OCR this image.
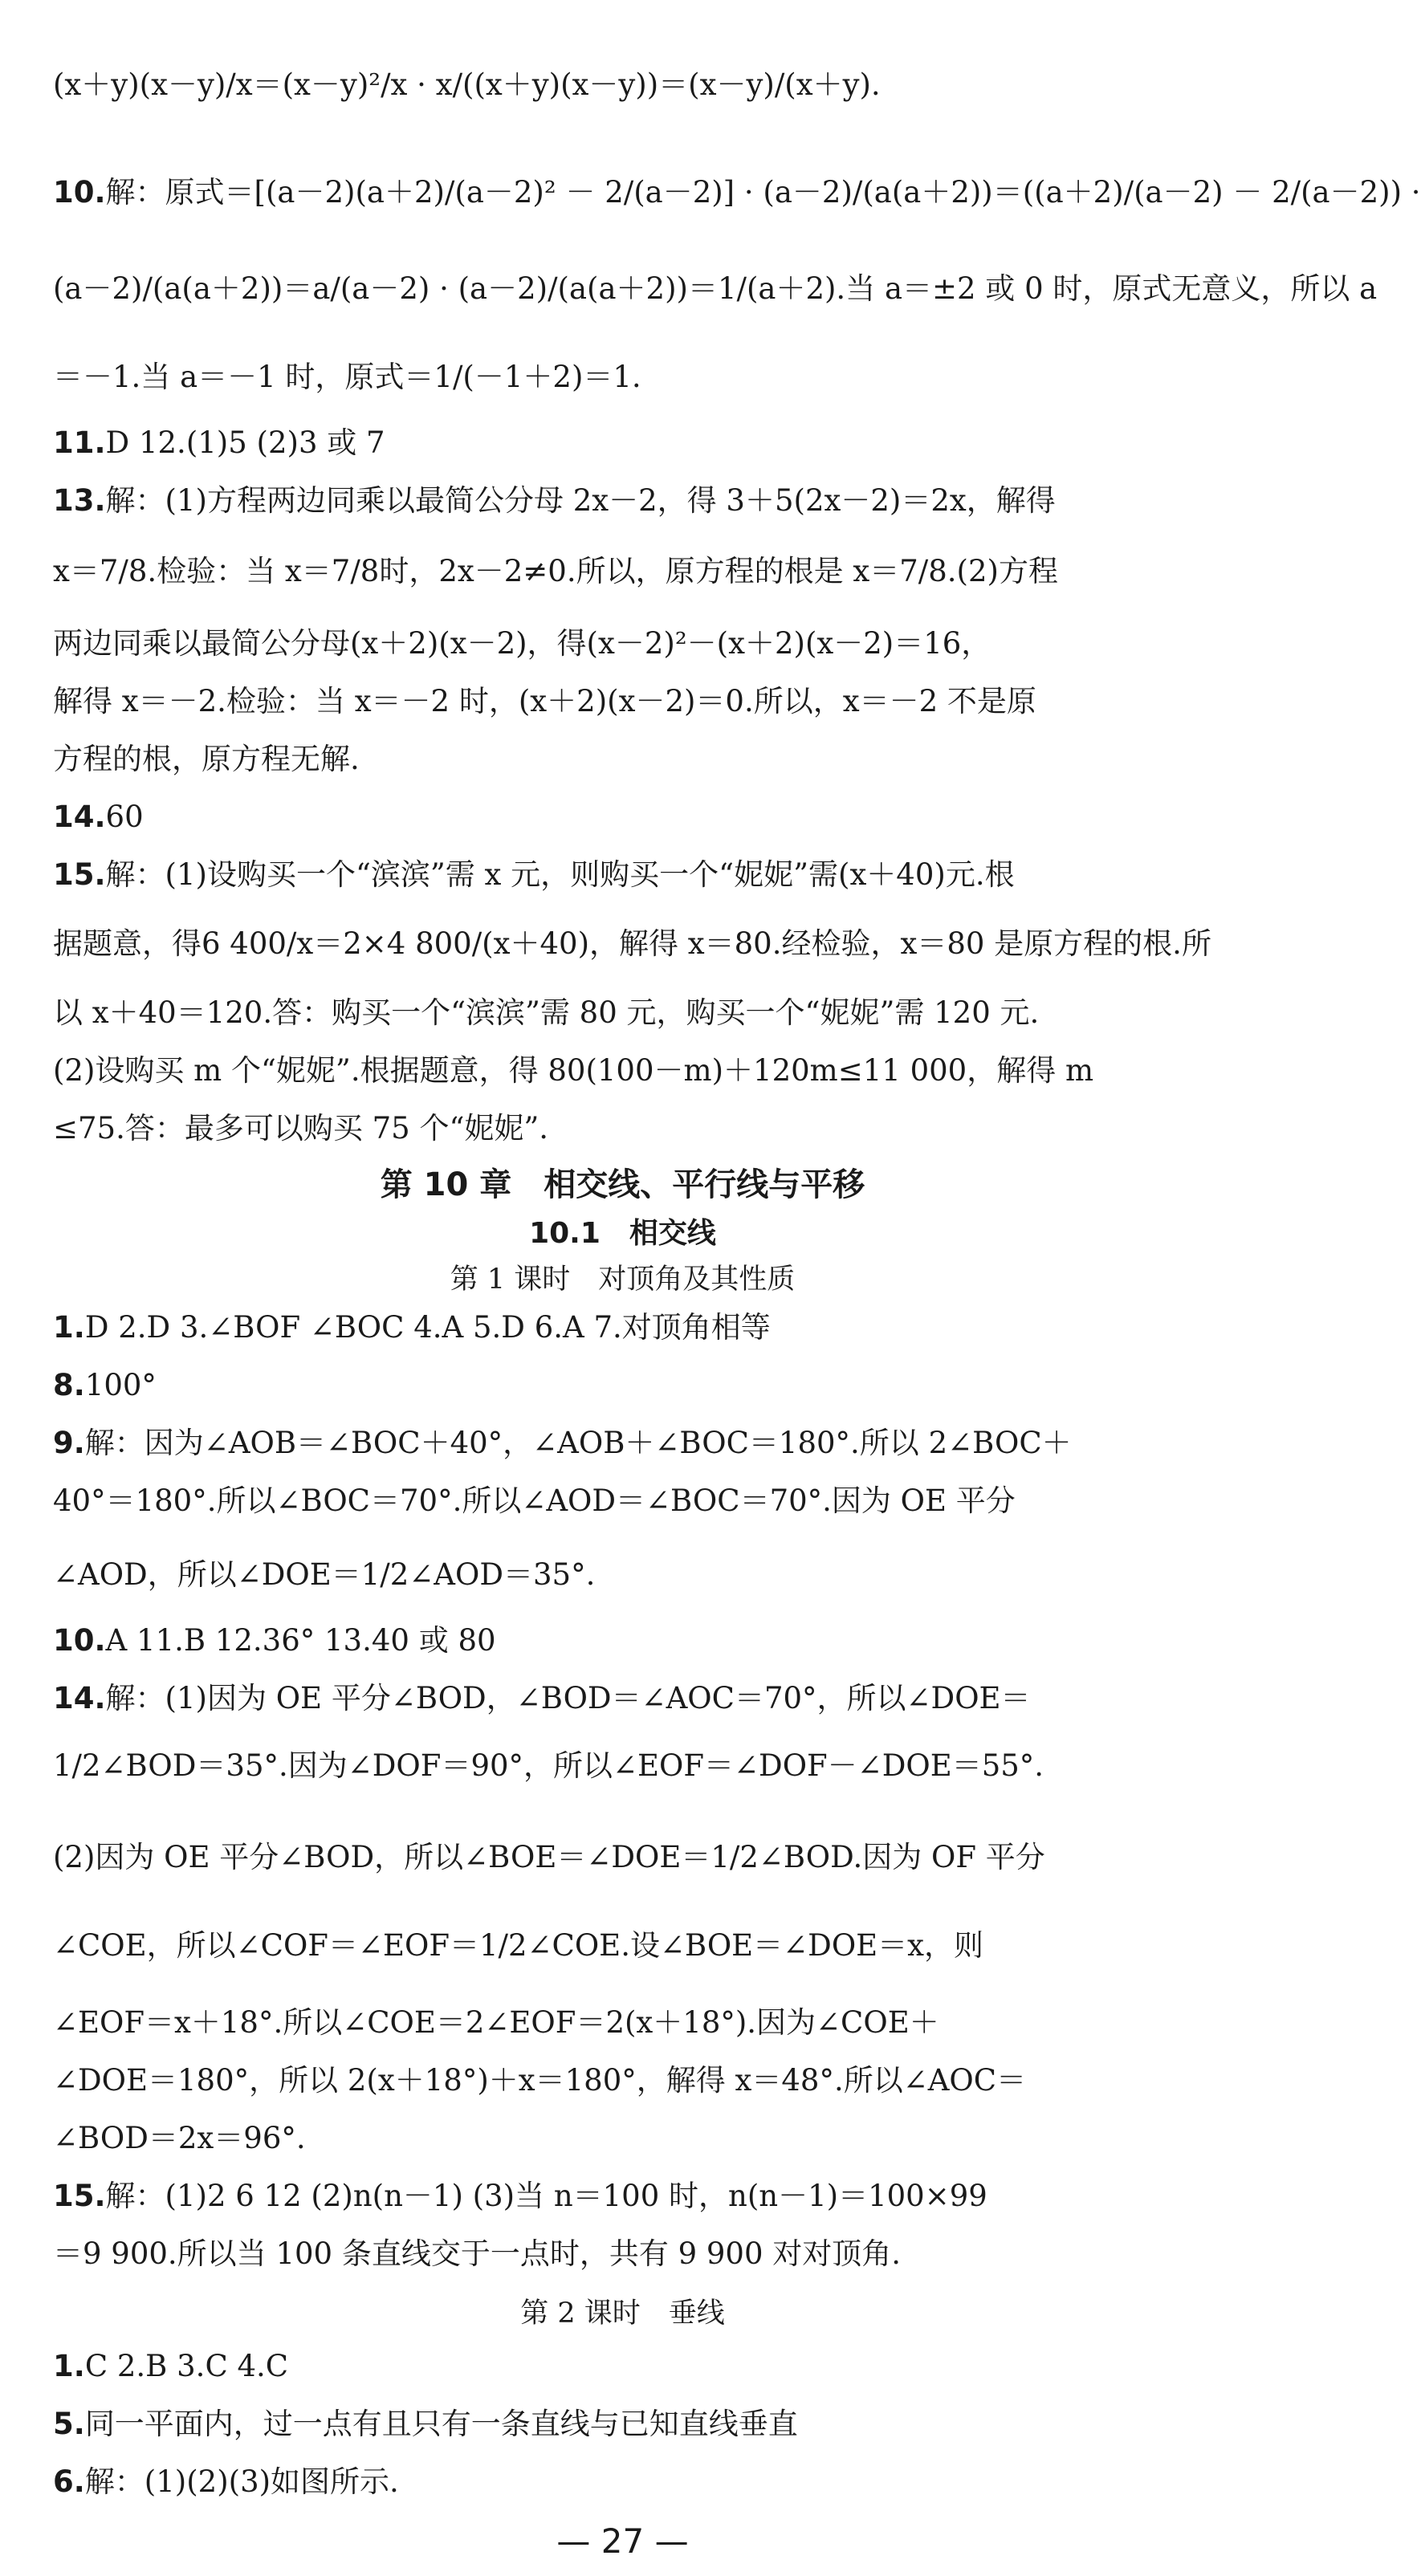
(x＋y)(x－y)/x＝(x－y)²/x · x/((x＋y)(x－y))＝(x－y)/(x＋y).
10.解：原式＝[(a－2)(a＋2)/(a－2)² － 2/(a－2)] · (a－2)/(a(a＋2))＝((a＋2)/(a－2) － 2/(a－2)) ·
(a－2)/(a(a＋2))＝a/(a－2) · (a－2)/(a(a＋2))＝1/(a＋2).当 a＝±2 或 0 时，原式无意义，所以 a
＝－1.当 a＝－1 时，原式＝1/(－1＋2)＝1.
11.D 12.(1)5 (2)3 或 7
13.解：(1)方程两边同乘以最简公分母 2x－2，得 3＋5(2x－2)＝2x，解得
x＝7/8.检验：当 x＝7/8时，2x－2≠0.所以，原方程的根是 x＝7/8.(2)方程
两边同乘以最简公分母(x＋2)(x－2)，得(x－2)²－(x＋2)(x－2)＝16，
解得 x＝－2.检验：当 x＝－2 时，(x＋2)(x－2)＝0.所以，x＝－2 不是原
方程的根，原方程无解.
14.60
15.解：(1)设购买一个“滨滨”需 x 元，则购买一个“妮妮”需(x＋40)元.根
据题意，得6 400/x＝2×4 800/(x＋40)，解得 x＝80.经检验，x＝80 是原方程的根.所
以 x＋40＝120.答：购买一个“滨滨”需 80 元，购买一个“妮妮”需 120 元.
(2)设购买 m 个“妮妮”.根据题意，得 80(100－m)＋120m≤11 000，解得 m
≤75.答：最多可以购买 75 个“妮妮”.
1.D 2.D 3.∠BOF ∠BOC 4.A 5.D 6.A 7.对顶角相等
8.100°
9.解：因为∠AOB＝∠BOC＋40°，∠AOB＋∠BOC＝180°.所以 2∠BOC＋
40°＝180°.所以∠BOC＝70°.所以∠AOD＝∠BOC＝70°.因为 OE 平分
∠AOD，所以∠DOE＝1/2∠AOD＝35°.
10.A 11.B 12.36° 13.40 或 80
14.解：(1)因为 OE 平分∠BOD，∠BOD＝∠AOC＝70°，所以∠DOE＝
1/2∠BOD＝35°.因为∠DOF＝90°，所以∠EOF＝∠DOF－∠DOE＝55°.
(2)因为 OE 平分∠BOD，所以∠BOE＝∠DOE＝1/2∠BOD.因为 OF 平分
∠COE，所以∠COF＝∠EOF＝1/2∠COE.设∠BOE＝∠DOE＝x，则
∠EOF＝x＋18°.所以∠COE＝2∠EOF＝2(x＋18°).因为∠COE＋
∠DOE＝180°，所以 2(x＋18°)＋x＝180°，解得 x＝48°.所以∠AOC＝
∠BOD＝2x＝96°.
15.解：(1)2 6 12 (2)n(n－1) (3)当 n＝100 时，n(n－1)＝100×99
＝9 900.所以当 100 条直线交于一点时，共有 9 900 对对顶角.
1.C 2.B 3.C 4.C
5.同一平面内，过一点有且只有一条直线与已知直线垂直
6.解：(1)(2)(3)如图所示.
第 10 章　相交线、平行线与平移
10.1　相交线
第 1 课时　对顶角及其性质
第 2 课时　垂线
— 27 —
